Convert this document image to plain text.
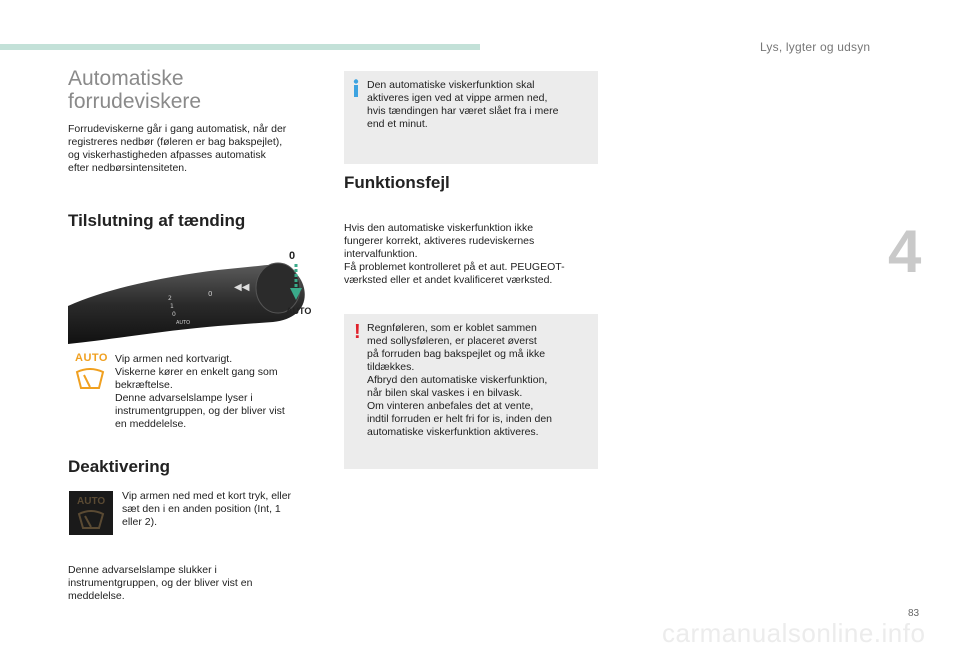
Lys, lygter og udsyn
4
83
carmanualsonline.info
Automatiske
forrudeviskere
Forrudeviskerne går i gang automatisk, når der
registreres nedbør (føleren er bag bakspejlet),
og viskerhastigheden afpasses automatisk
efter nedbørsintensiteten.
Tilslutning af tænding
◀◀
2
1
0
AUTO
0
0
AUTO
AUTO Vip armen ned kortvarigt.
Viskerne kører en enkelt gang som
bekræftelse.
Denne advarselslampe lyser i
instrumentgruppen, og der bliver vist
en meddelelse.
Deaktivering
AUTO Vip armen ned med et kort tryk, eller
sæt den i en anden position (Int, 1
eller 2).
Denne advarselslampe slukker i
instrumentgruppen, og der bliver vist en
meddelelse.
Den automatiske viskerfunktion skal
aktiveres igen ved at vippe armen ned,
hvis tændingen har været slået fra i mere
end et minut.
Funktionsfejl
Hvis den automatiske viskerfunktion ikke
fungerer korrekt, aktiveres rudeviskernes
intervalfunktion.
Få problemet kontrolleret på et aut. PEUGEOT-
værksted eller et andet kvalificeret værksted.
! Regnføleren, som er koblet sammen
med sollysføleren, er placeret øverst
på forruden bag bakspejlet og må ikke
tildækkes.
Afbryd den automatiske viskerfunktion,
når bilen skal vaskes i en bilvask.
Om vinteren anbefales det at vente,
indtil forruden er helt fri for is, inden den
automatiske viskerfunktion aktiveres.
